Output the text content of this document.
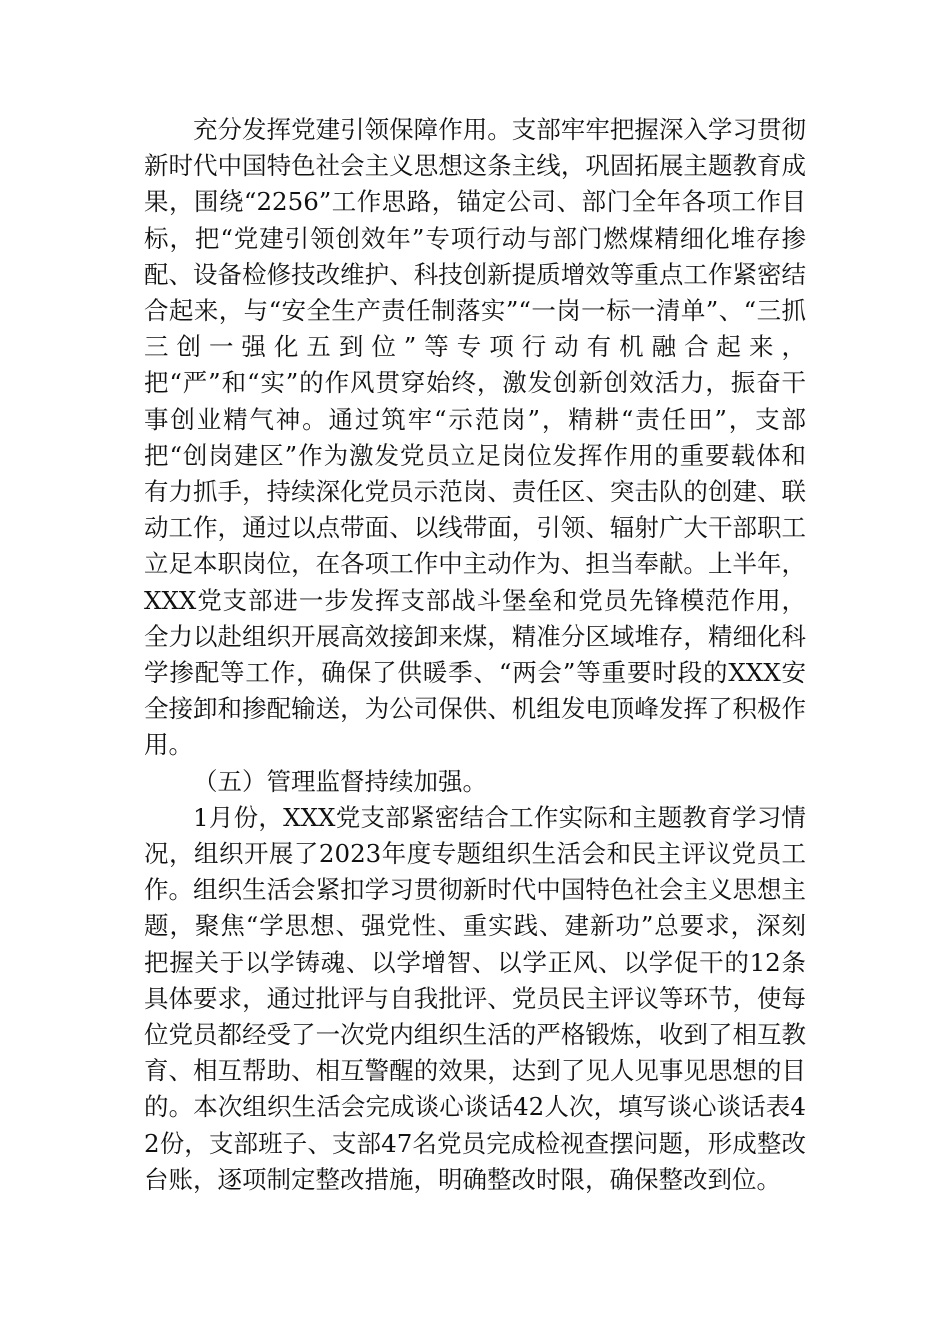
充分发挥党建引领保障作用。支部牢牢把握深入学习贯彻新时代中国特色社会主义思想这条主线，巩固拓展主题教育成果，围绕“2256”工作思路，锚定公司、部门全年各项工作目标，把“党建引领创效年”专项行动与部门燃煤精细化堆存掺配、设备检修技改维护、科技创新提质增效等重点工作紧密结合起来，与“安全生产责任制落实”“一岗一标一清单”、“三抓三创一强化五到位”等专项行动有机融合起来，把“严”和“实”的作风贯穿始终，激发创新创效活力，振奋干事创业精气神。通过筑牢“示范岗”，精耕“责任田”，支部把“创岗建区”作为激发党员立足岗位发挥作用的重要载体和有力抓手，持续深化党员示范岗、责任区、突击队的创建、联动工作，通过以点带面、以线带面，引领、辐射广大干部职工立足本职岗位，在各项工作中主动作为、担当奉献。上半年，XXX党支部进一步发挥支部战斗堡垒和党员先锋模范作用，全力以赴组织开展高效接卸来煤，精准分区域堆存，精细化科学掺配等工作，确保了供暖季、“两会”等重要时段的XXX安全接卸和掺配输送，为公司保供、机组发电顶峰发挥了积极作用。

（五）管理监督持续加强。

1月份，XXX党支部紧密结合工作实际和主题教育学习情况，组织开展了2023年度专题组织生活会和民主评议党员工作。组织生活会紧扣学习贯彻新时代中国特色社会主义思想主题，聚焦“学思想、强党性、重实践、建新功”总要求，深刻把握关于以学铸魂、以学增智、以学正风、以学促干的12条具体要求，通过批评与自我批评、党员民主评议等环节，使每位党员都经受了一次党内组织生活的严格锻炼，收到了相互教育、相互帮助、相互警醒的效果，达到了见人见事见思想的目的。本次组织生活会完成谈心谈话42人次，填写谈心谈话表42份，支部班子、支部47名党员完成检视查摆问题，形成整改台账，逐项制定整改措施，明确整改时限，确保整改到位。
